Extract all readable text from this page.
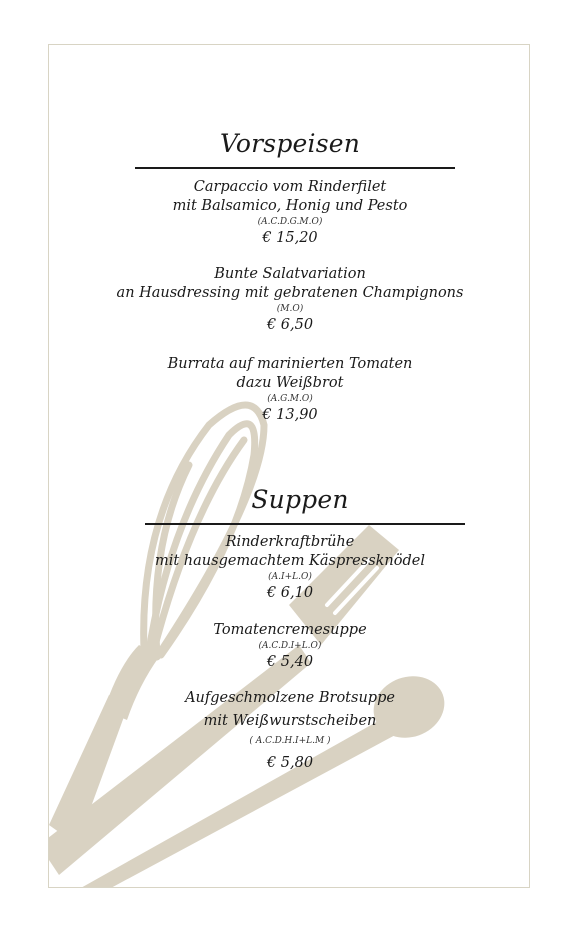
Vorspeisen
Carpaccio vom Rinderfilet
mit Balsamico, Honig und Pesto
(A.C.D.G.M.O)
€ 15,20
Bunte Salatvariation
an Hausdressing mit gebratenen Champignons
(M.O)
€ 6,50
Burrata auf marinierten Tomaten
dazu Weißbrot
(A.G.M.O)
€ 13,90
Suppen
Rinderkraftbrühe
mit hausgemachtem Käspressknödel
(A.I+L.O)
€ 6,10
Tomatencremesuppe
(A.C.D.I+L.O)
€ 5,40
Aufgeschmolzene Brotsuppe
mit Weißwurstscheiben
( A.C.D.H.I+L.M )
€ 5,80
